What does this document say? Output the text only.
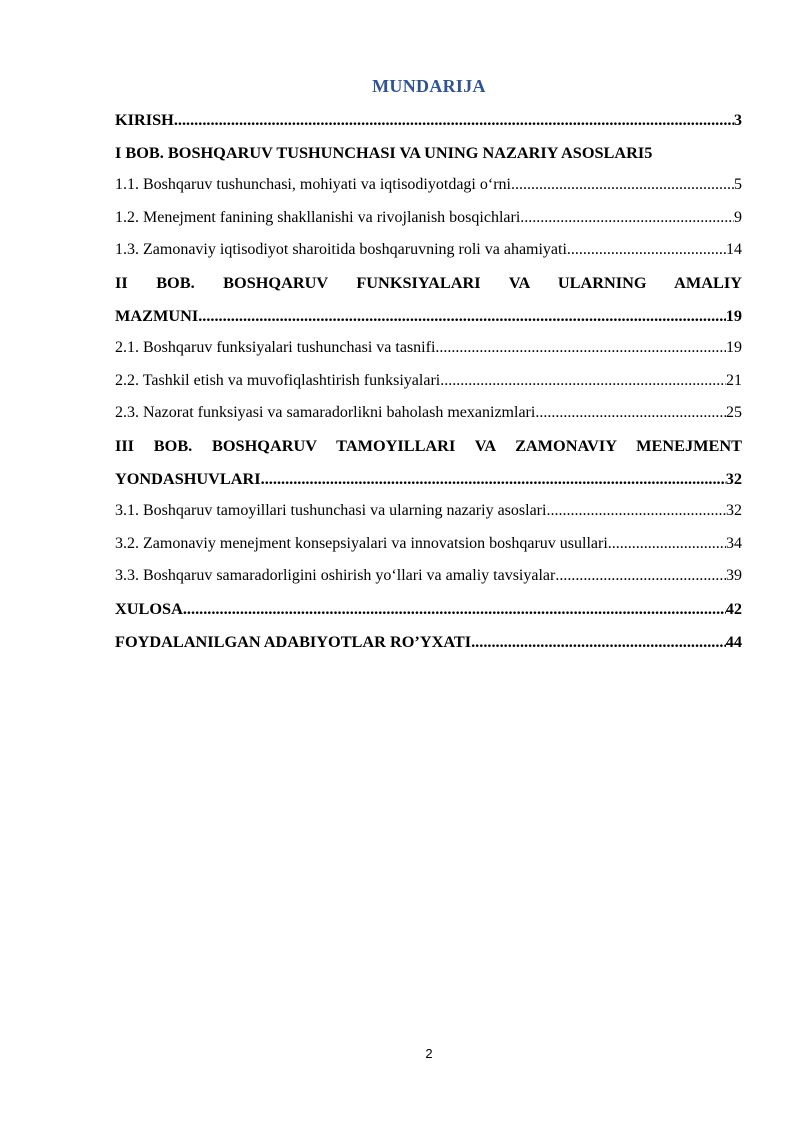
MUNDARIJA
KIRISH .....	3
I BOB. BOSHQARUV TUSHUNCHASI VA UNING NAZARIY ASOSLARI 5
1.1. Boshqaruv tushunchasi, mohiyati va iqtisodiyotdagi o‘rni .....	5
1.2. Menejment fanining shakllanishi va rivojlanish bosqichlari .....	9
1.3. Zamonaviy iqtisodiyot sharoitida boshqaruvning roli va ahamiyati .....	14
II BOB. BOSHQARUV FUNKSIYALARI VA ULARNING AMALIY
MAZMUNI .....	19
2.1. Boshqaruv funksiyalari tushunchasi va tasnifi .....	19
2.2. Tashkil etish va muvofiqlashtirish funksiyalari .....	21
2.3. Nazorat funksiyasi va samaradorlikni baholash mexanizmlari .....	25
III BOB. BOSHQARUV TAMOYILLARI VA ZAMONAVIY MENEJMENT
YONDASHUVLARI .....	32
3.1. Boshqaruv tamoyillari tushunchasi va ularning nazariy asoslari .....	32
3.2. Zamonaviy menejment konsepsiyalari va innovatsion boshqaruv usullari .....	34
3.3. Boshqaruv samaradorligini oshirish yo‘llari va amaliy tavsiyalar .....	39
XULOSA .....	42
FOYDALANILGAN ADABIYOTLAR RO’YXATI .....	44
2
